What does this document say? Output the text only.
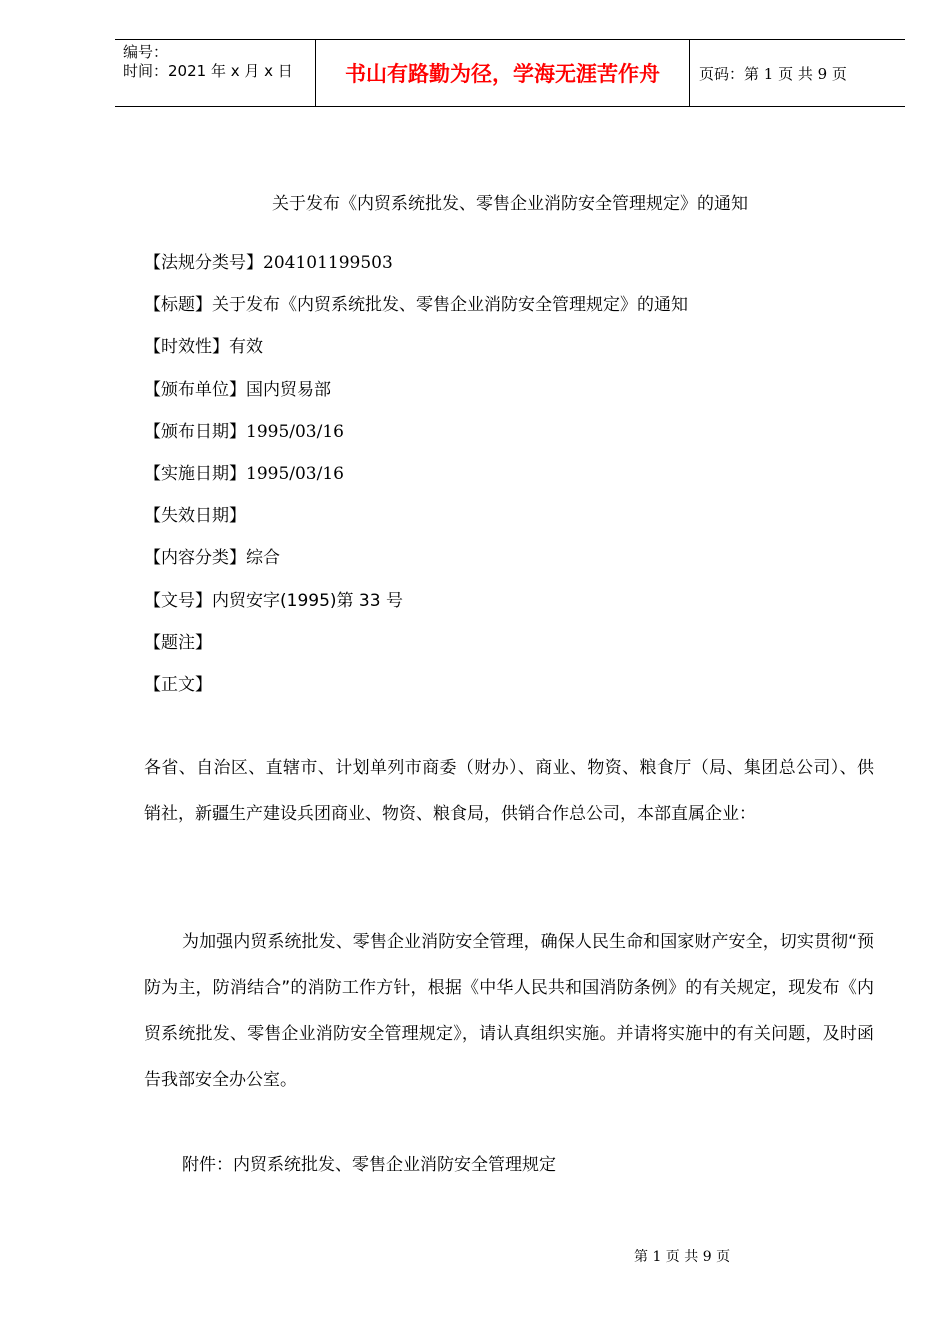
编号：
时间：2021 年 x 月 x 日	书山有路勤为径，学海无涯苦作舟	页码：第 1 页 共 9 页
关于发布《内贸系统批发、零售企业消防安全管理规定》的通知
【法规分类号】204101199503
【标题】关于发布《内贸系统批发、零售企业消防安全管理规定》的通知
【时效性】有效
【颁布单位】国内贸易部
【颁布日期】1995/03/16
【实施日期】1995/03/16
【失效日期】
【内容分类】综合
【文号】内贸安字(1995)第 33 号
【题注】
【正文】
各省、自治区、直辖市、计划单列市商委（财办）、商业、物资、粮食厅（局、集团总公司）、供销社，新疆生产建设兵团商业、物资、粮食局，供销合作总公司，本部直属企业：
为加强内贸系统批发、零售企业消防安全管理，确保人民生命和国家财产安全，切实贯彻“预防为主，防消结合”的消防工作方针，根据《中华人民共和国消防条例》的有关规定，现发布《内贸系统批发、零售企业消防安全管理规定》，请认真组织实施。并请将实施中的有关问题，及时函告我部安全办公室。
附件：内贸系统批发、零售企业消防安全管理规定
第 1 页 共 9 页
